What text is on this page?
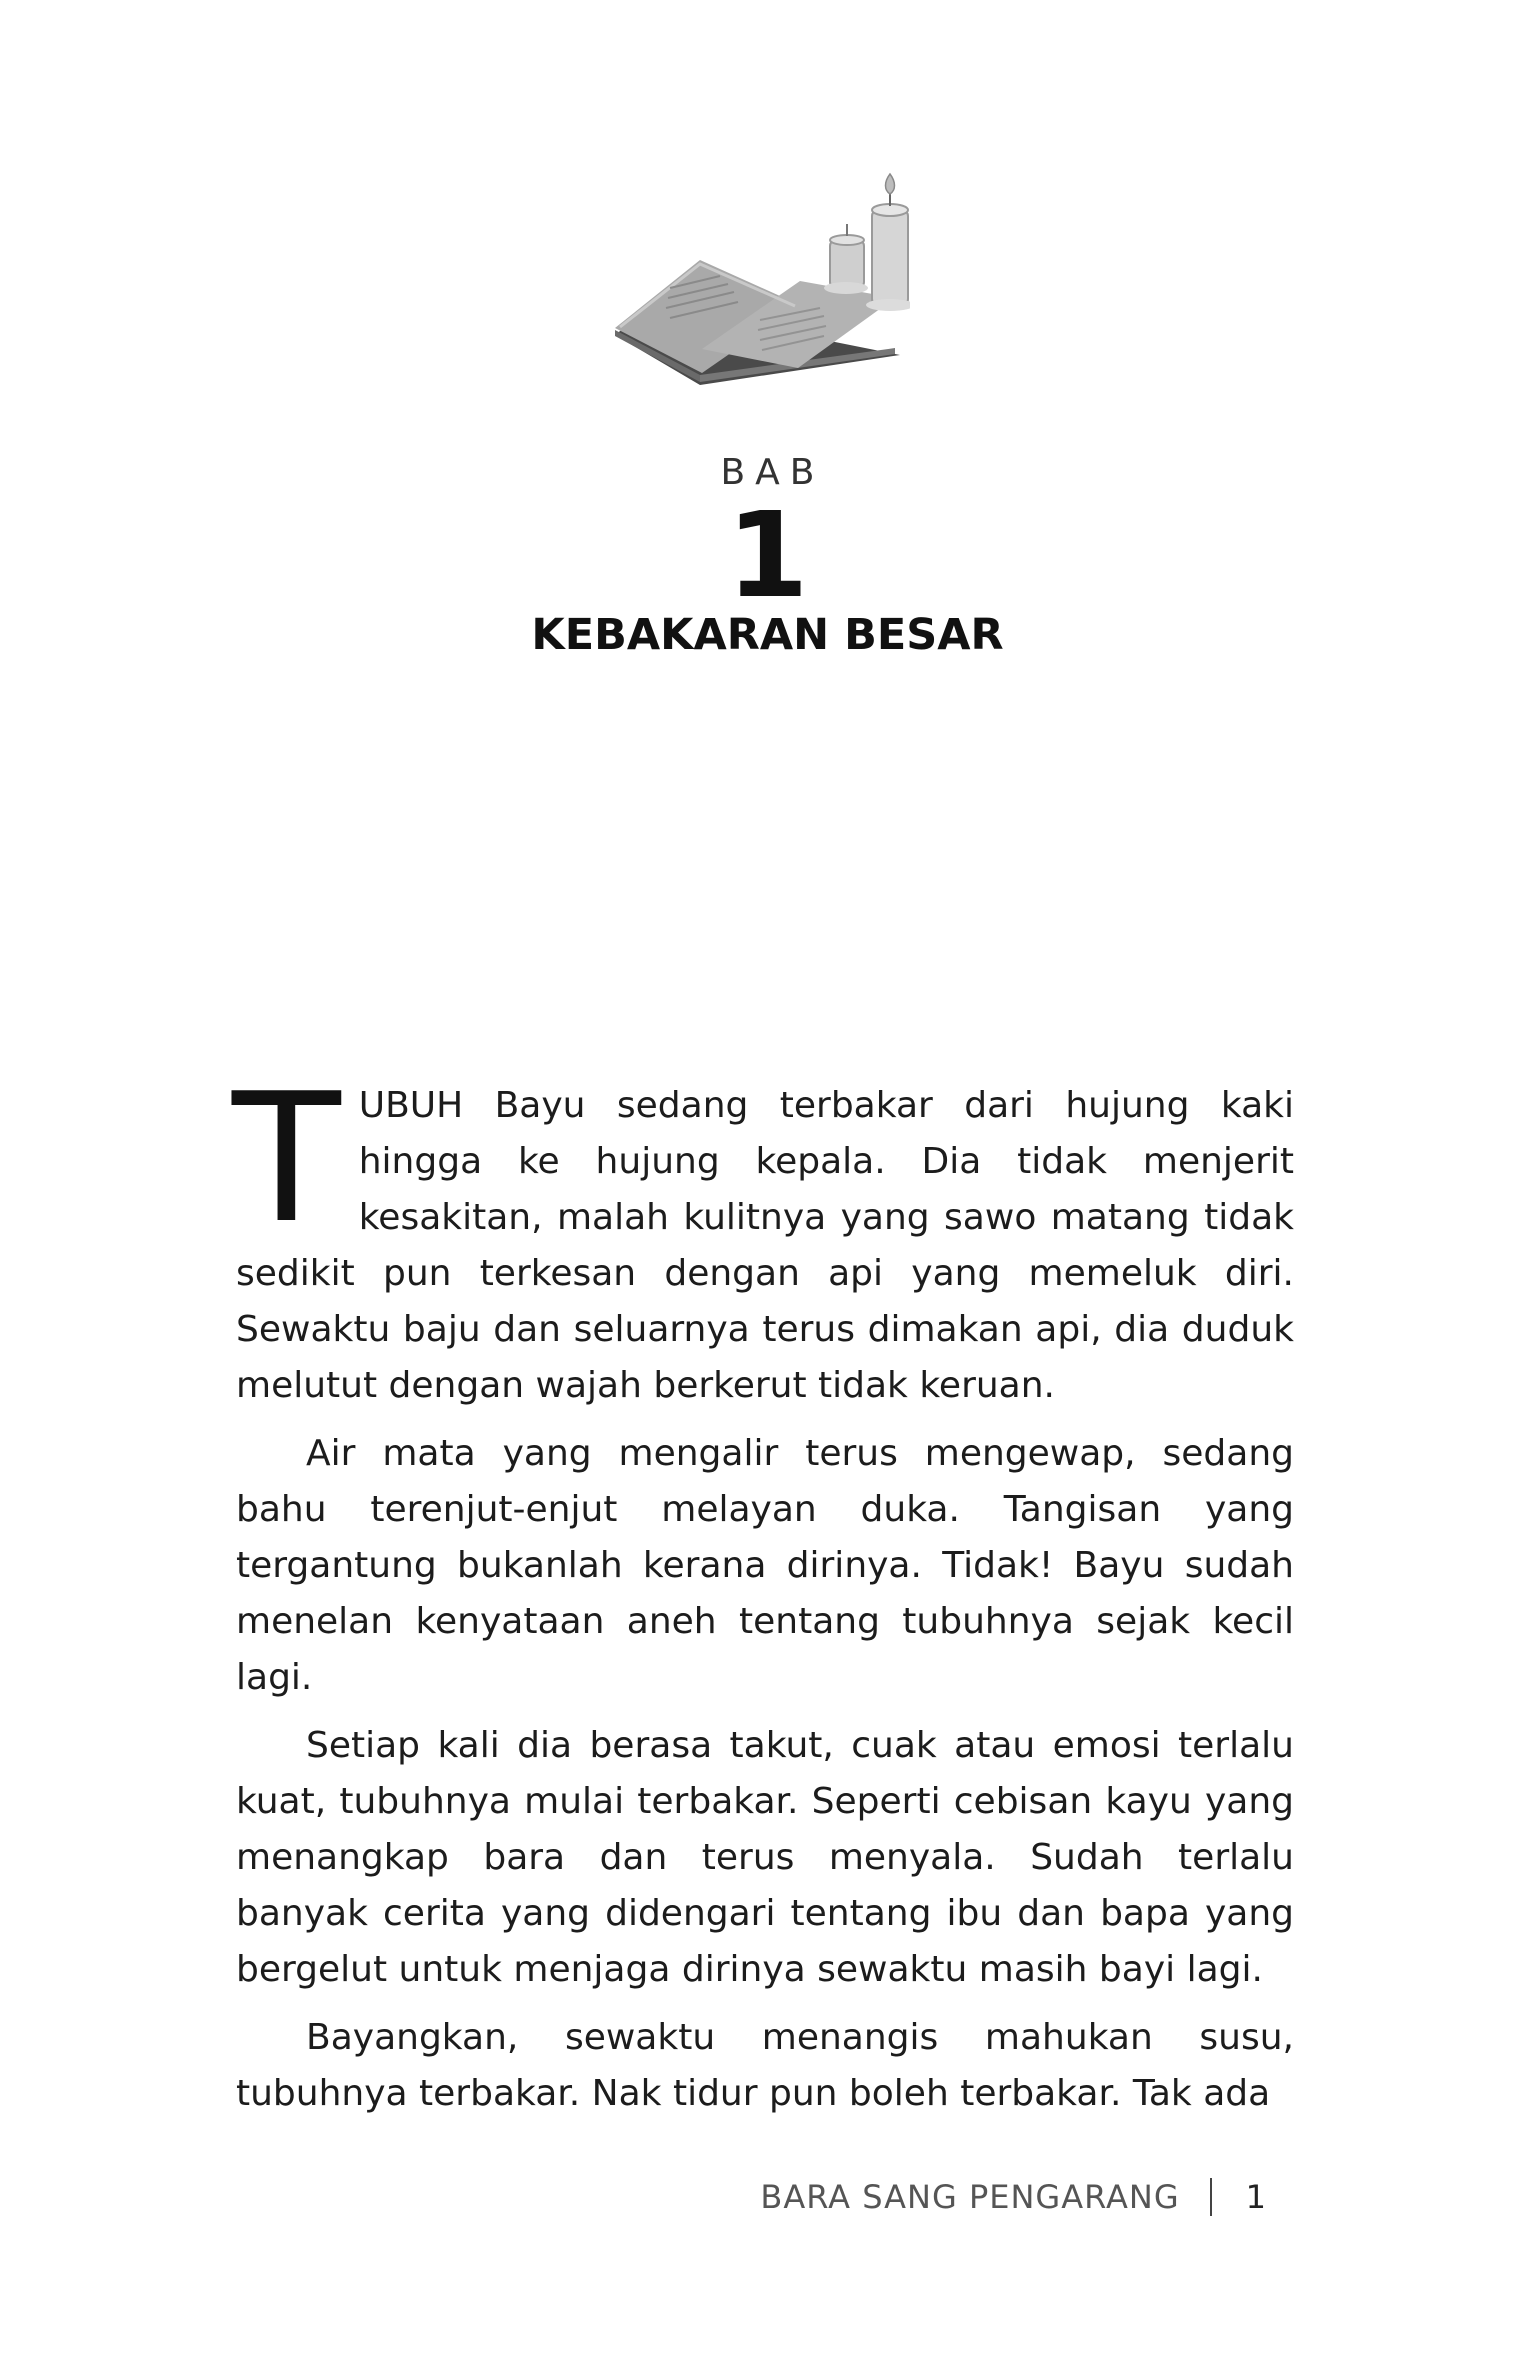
BAB
1
KEBAKARAN BESAR

TUBUH Bayu sedang terbakar dari hujung kaki hingga ke hujung kepala. Dia tidak menjerit kesakitan, malah kulitnya yang sawo matang tidak sedikit pun terkesan dengan api yang memeluk diri. Sewaktu baju dan seluarnya terus dimakan api, dia duduk melutut dengan wajah berkerut tidak keruan.

Air mata yang mengalir terus mengewap, sedang bahu terenjut-enjut melayan duka. Tangisan yang tergantung bukanlah kerana dirinya. Tidak! Bayu sudah menelan kenyataan aneh tentang tubuhnya sejak kecil lagi.

Setiap kali dia berasa takut, cuak atau emosi terlalu kuat, tubuhnya mulai terbakar. Seperti cebisan kayu yang menangkap bara dan terus menyala. Sudah terlalu banyak cerita yang didengari tentang ibu dan bapa yang bergelut untuk menjaga dirinya sewaktu masih bayi lagi.

Bayangkan, sewaktu menangis mahukan susu, tubuhnya terbakar. Nak tidur pun boleh terbakar. Tak ada

BARA SANG PENGARANG 1
